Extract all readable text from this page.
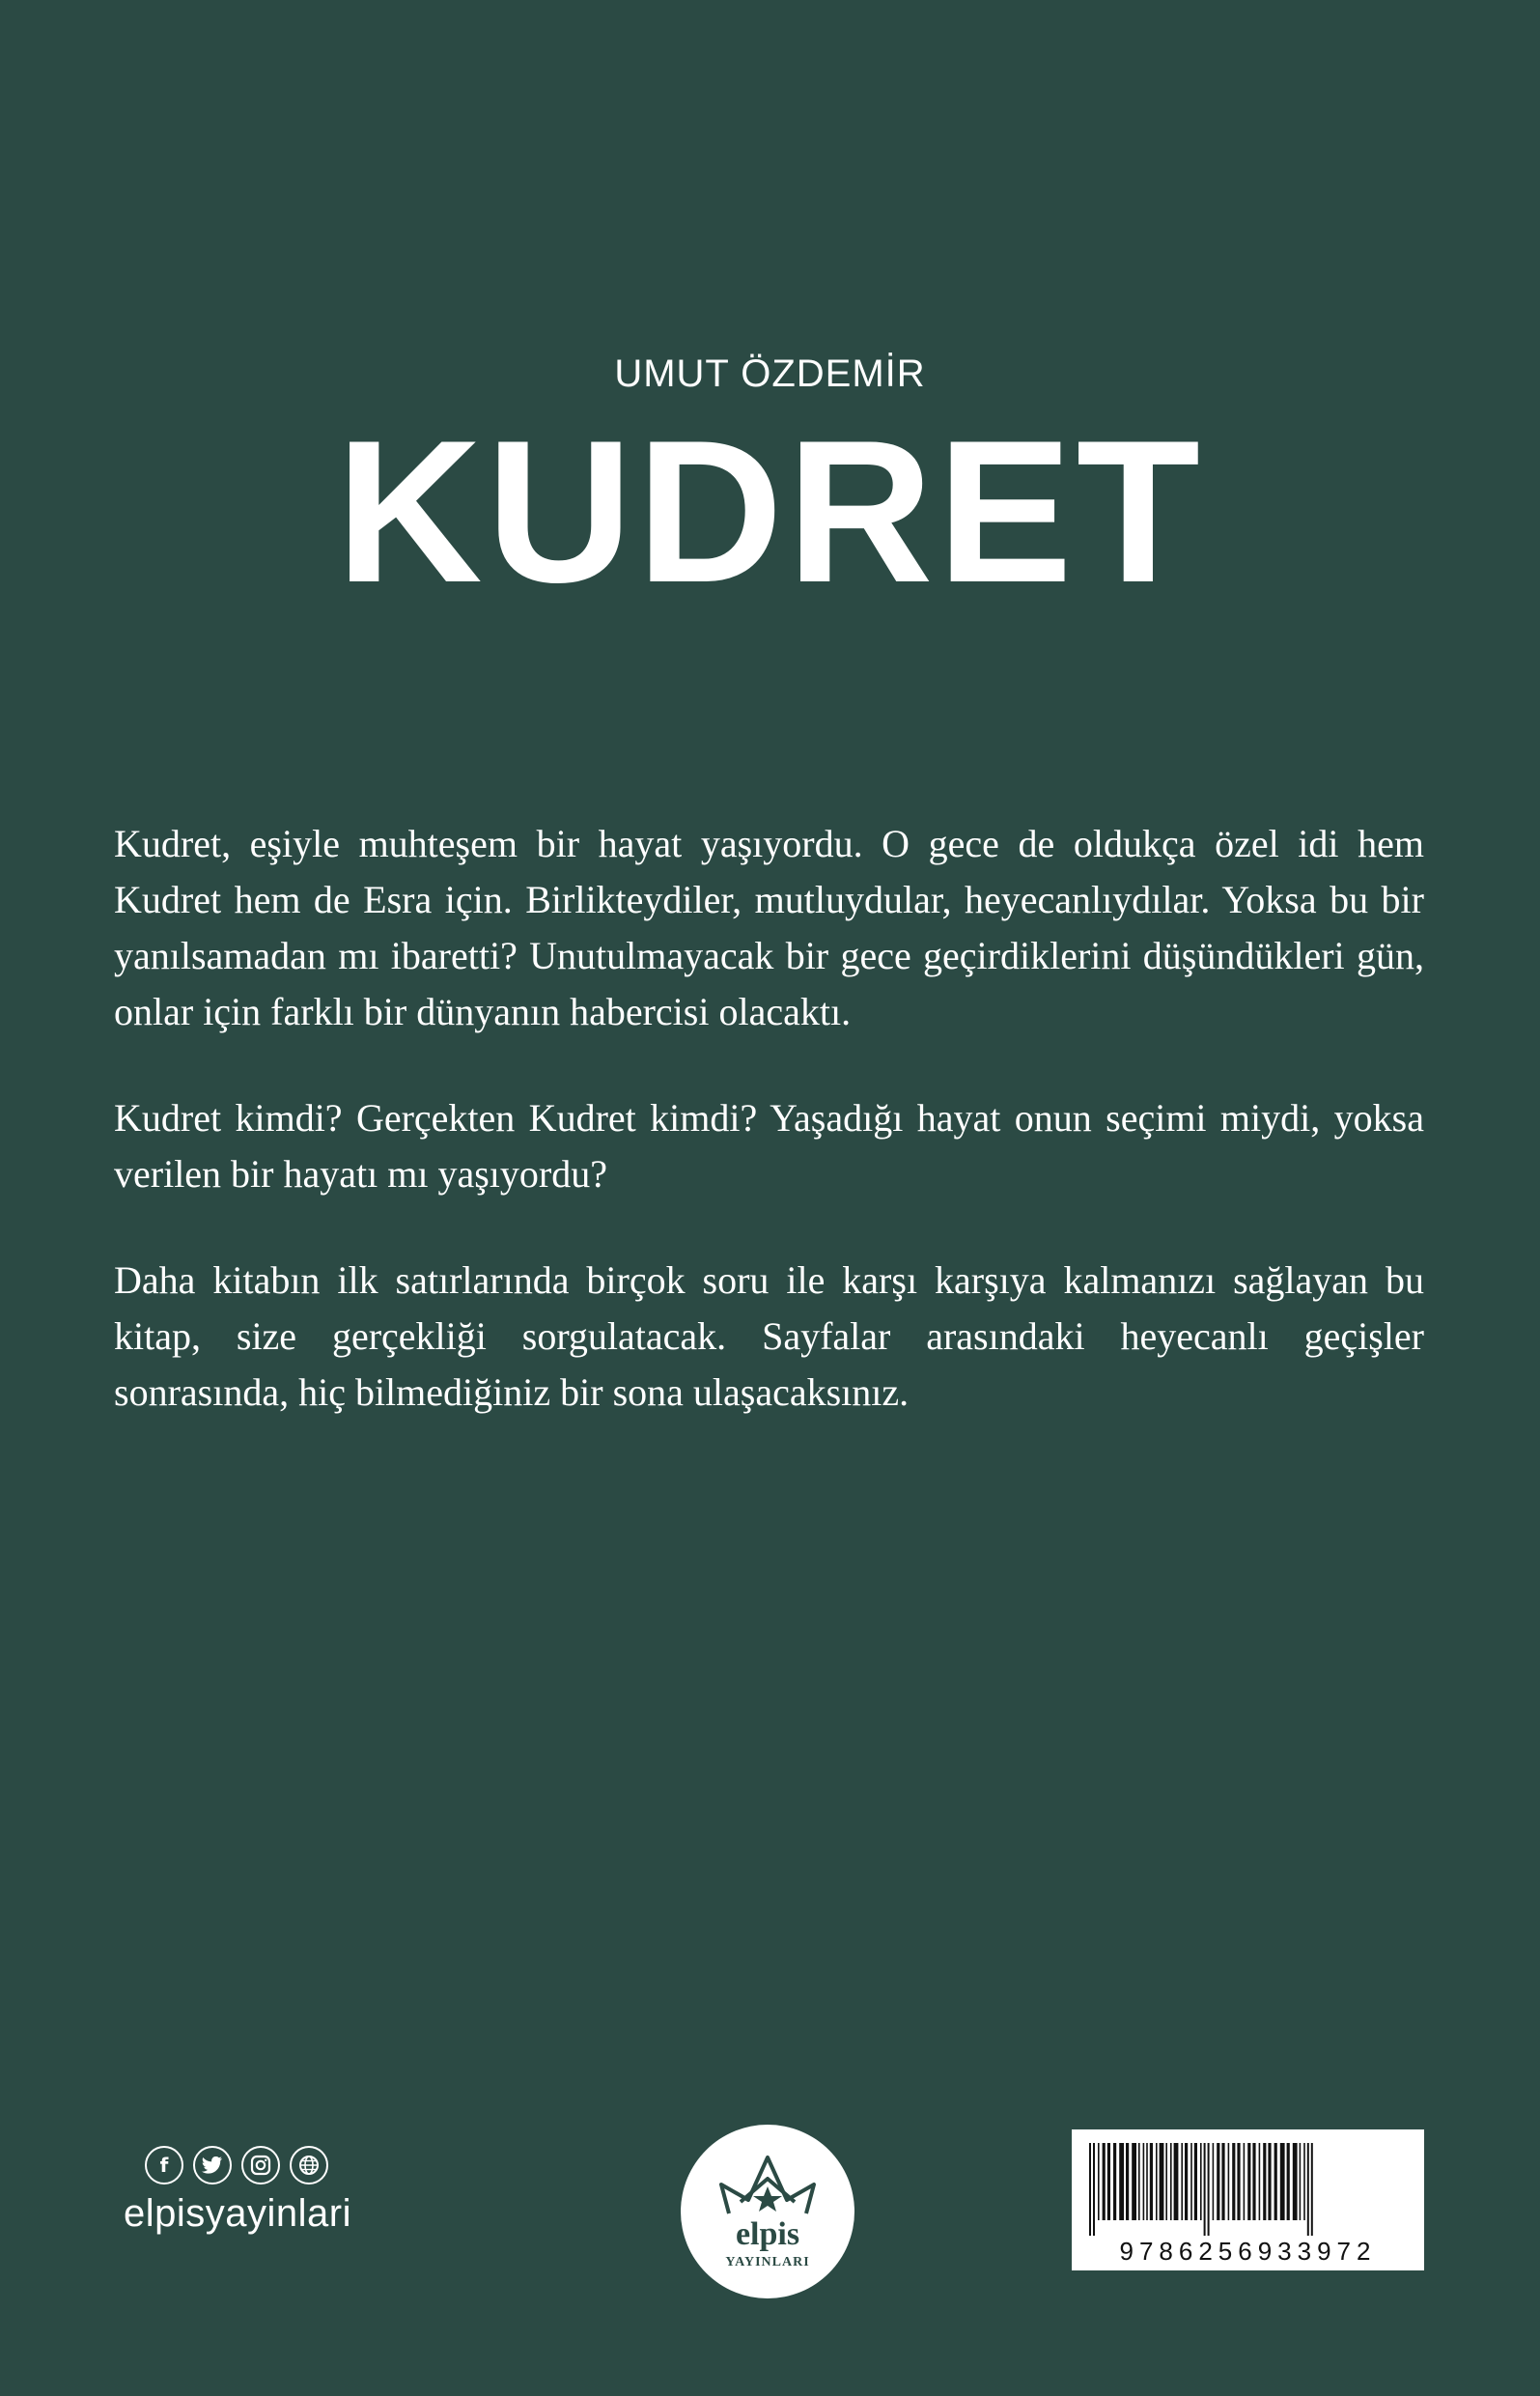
UMUT ÖZDEMİR
KUDRET

Kudret, eşiyle muhteşem bir hayat yaşıyordu. O gece de oldukça özel idi hem Kudret hem de Esra için. Birlikteydiler, mutluydular, heyecanlıydılar. Yoksa bu bir yanılsamadan mı ibaretti? Unutulmayacak bir gece geçirdiklerini düşündükleri gün, onlar için farklı bir dünyanın habercisi olacaktı.

Kudret kimdi? Gerçekten Kudret kimdi? Yaşadığı hayat onun seçimi miydi, yoksa verilen bir hayatı mı yaşıyordu?

Daha kitabın ilk satırlarında birçok soru ile karşı karşıya kalmanızı sağlayan bu kitap, size gerçekliği sorgulatacak. Sayfalar arasındaki heyecanlı geçişler sonrasında, hiç bilmediğiniz bir sona ulaşacaksınız.

f
elpisyayinlari	elpis
YAYINLARI	9786256933972
